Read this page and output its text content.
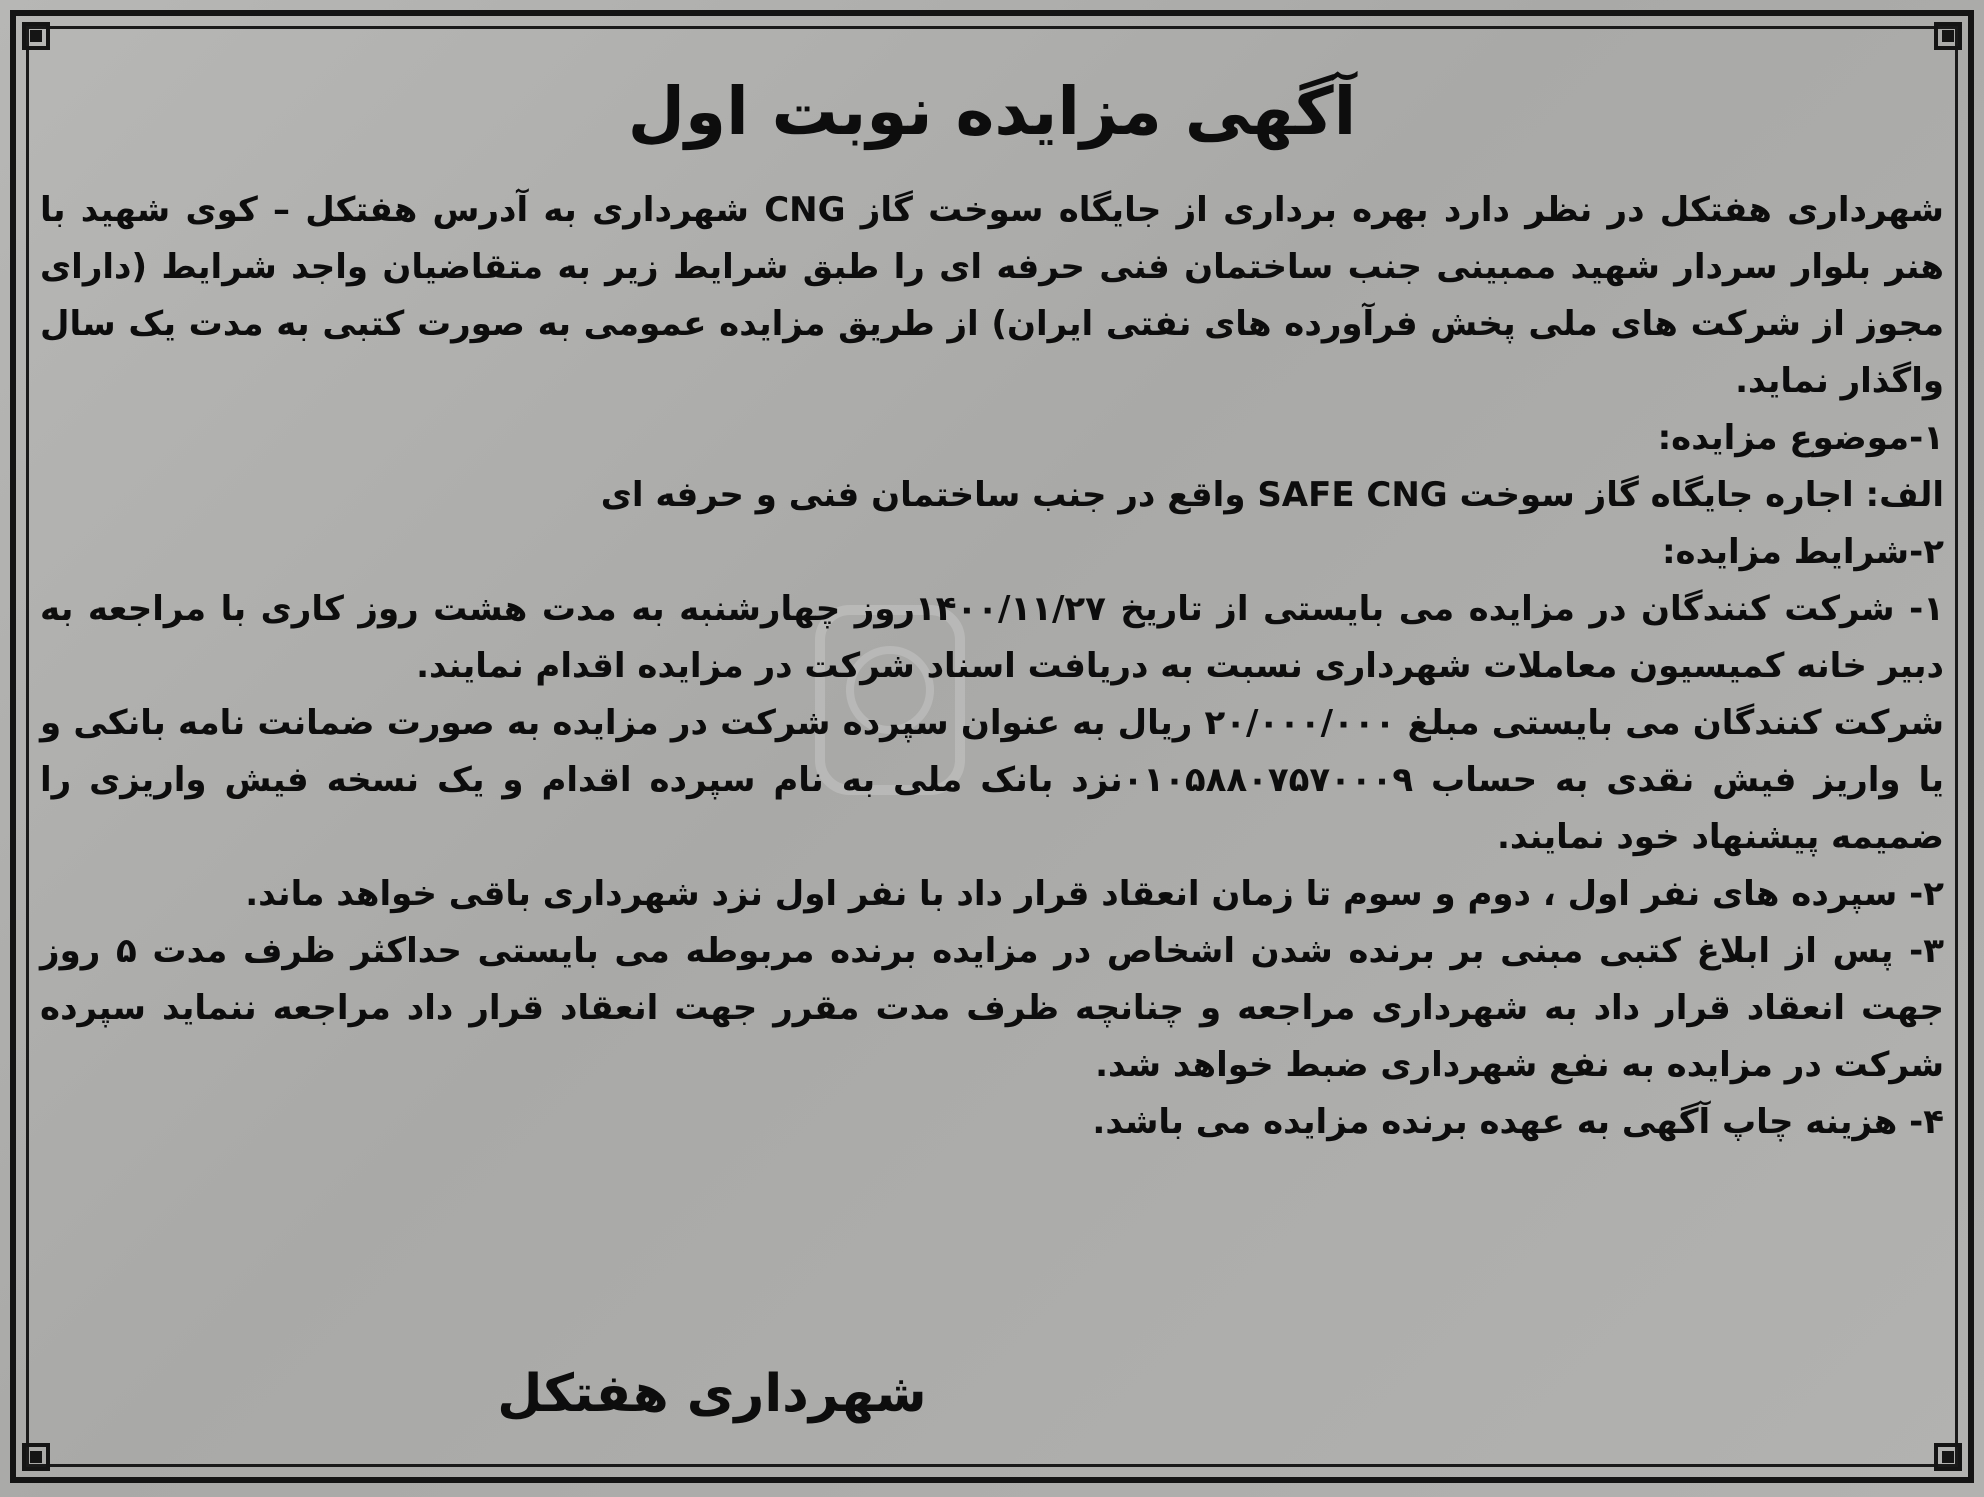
آگهی مزایده نوبت اول

شهرداری هفتکل در نظر دارد بهره برداری از جایگاه سوخت گاز CNG شهرداری به آدرس هفتکل – کوی شهید با هنر بلوار سردار شهید ممبینی جنب ساختمان فنی حرفه ای را طبق شرایط زیر به متقاضیان واجد شرایط (دارای مجوز از شرکت های ملی پخش فرآورده های نفتی ایران) از طریق مزایده عمومی به صورت کتبی به مدت یک سال واگذار نماید.

۱-موضوع مزایده:

الف: اجاره جایگاه گاز سوخت SAFE CNG واقع در جنب ساختمان فنی و حرفه ای

۲-شرایط مزایده:

۱- شرکت کنندگان در مزایده می بایستی از تاریخ ۱۴۰۰/۱۱/۲۷روز چهارشنبه به مدت هشت روز کاری با مراجعه به دبیر خانه کمیسیون معاملات شهرداری نسبت به دریافت اسناد شرکت در مزایده اقدام نمایند.

شرکت کنندگان می بایستی مبلغ ۲۰/۰۰۰/۰۰۰ ریال به عنوان سپرده شرکت در مزایده به صورت ضمانت نامه بانکی و یا واریز فیش نقدی به حساب ۰۱۰۵۸۸۰۷۵۷۰۰۰۹نزد بانک ملی به نام سپرده اقدام و یک نسخه فیش واریزی را ضمیمه پیشنهاد خود نمایند.

۲- سپرده های نفر اول ، دوم و سوم تا زمان انعقاد قرار داد با نفر اول نزد شهرداری باقی خواهد ماند.

۳- پس از ابلاغ کتبی مبنی بر برنده شدن اشخاص در مزایده برنده مربوطه می بایستی حداکثر ظرف مدت ۵ روز جهت انعقاد قرار داد به شهرداری مراجعه و چنانچه ظرف مدت مقرر جهت انعقاد قرار داد مراجعه ننماید سپرده شرکت در مزایده به نفع شهرداری ضبط خواهد شد.

۴- هزینه چاپ آگهی به عهده برنده مزایده می باشد.

شهرداری هفتکل
